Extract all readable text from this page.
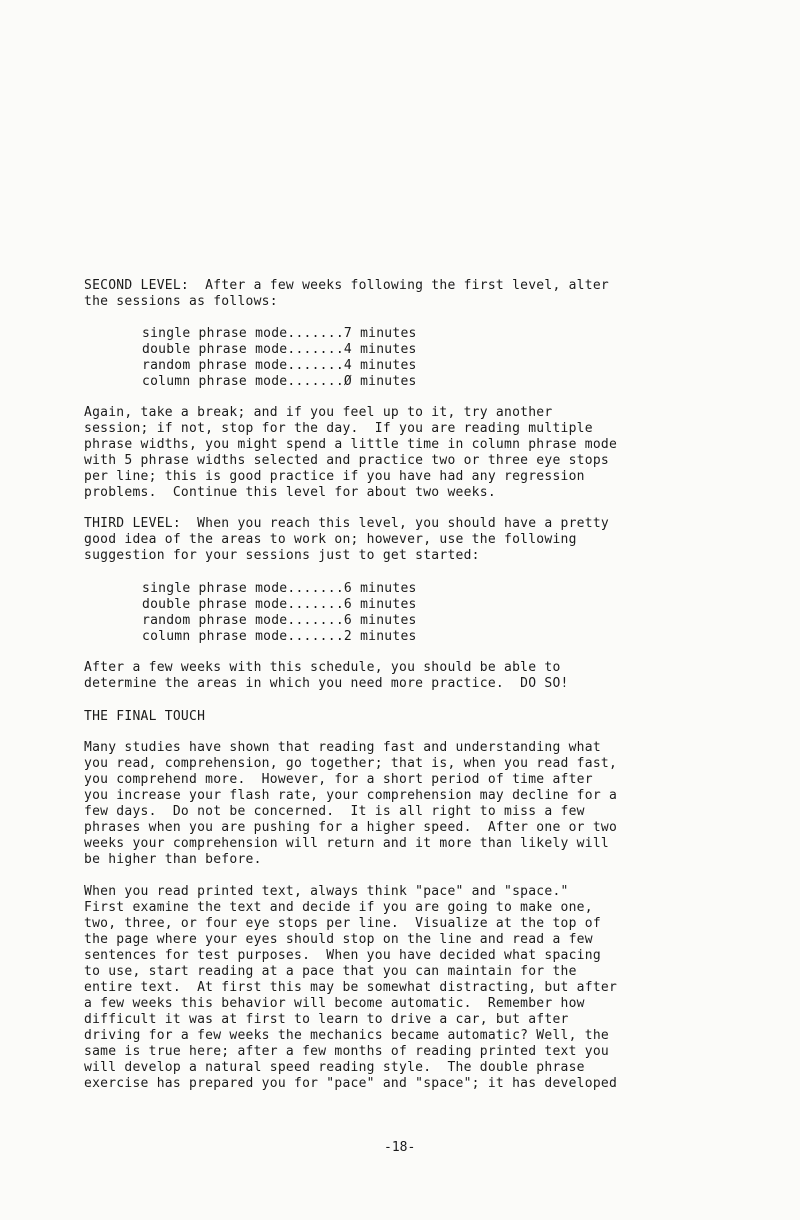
SECOND LEVEL:  After a few weeks following the first level, alter
the sessions as follows:
single phrase mode.......7 minutes
double phrase mode.......4 minutes
random phrase mode.......4 minutes
column phrase mode.......Ø minutes
Again, take a break; and if you feel up to it, try another
session; if not, stop for the day.  If you are reading multiple
phrase widths, you might spend a little time in column phrase mode
with 5 phrase widths selected and practice two or three eye stops
per line; this is good practice if you have had any regression
problems.  Continue this level for about two weeks.
THIRD LEVEL:  When you reach this level, you should have a pretty
good idea of the areas to work on; however, use the following
suggestion for your sessions just to get started:
single phrase mode.......6 minutes
double phrase mode.......6 minutes
random phrase mode.......6 minutes
column phrase mode.......2 minutes
After a few weeks with this schedule, you should be able to
determine the areas in which you need more practice.  DO SO!
THE FINAL TOUCH
Many studies have shown that reading fast and understanding what
you read, comprehension, go together; that is, when you read fast,
you comprehend more.  However, for a short period of time after
you increase your flash rate, your comprehension may decline for a
few days.  Do not be concerned.  It is all right to miss a few
phrases when you are pushing for a higher speed.  After one or two
weeks your comprehension will return and it more than likely will
be higher than before.
When you read printed text, always think "pace" and "space."
First examine the text and decide if you are going to make one,
two, three, or four eye stops per line.  Visualize at the top of
the page where your eyes should stop on the line and read a few
sentences for test purposes.  When you have decided what spacing
to use, start reading at a pace that you can maintain for the
entire text.  At first this may be somewhat distracting, but after
a few weeks this behavior will become automatic.  Remember how
difficult it was at first to learn to drive a car, but after
driving for a few weeks the mechanics became automatic? Well, the
same is true here; after a few months of reading printed text you
will develop a natural speed reading style.  The double phrase
exercise has prepared you for "pace" and "space"; it has developed
-18-
